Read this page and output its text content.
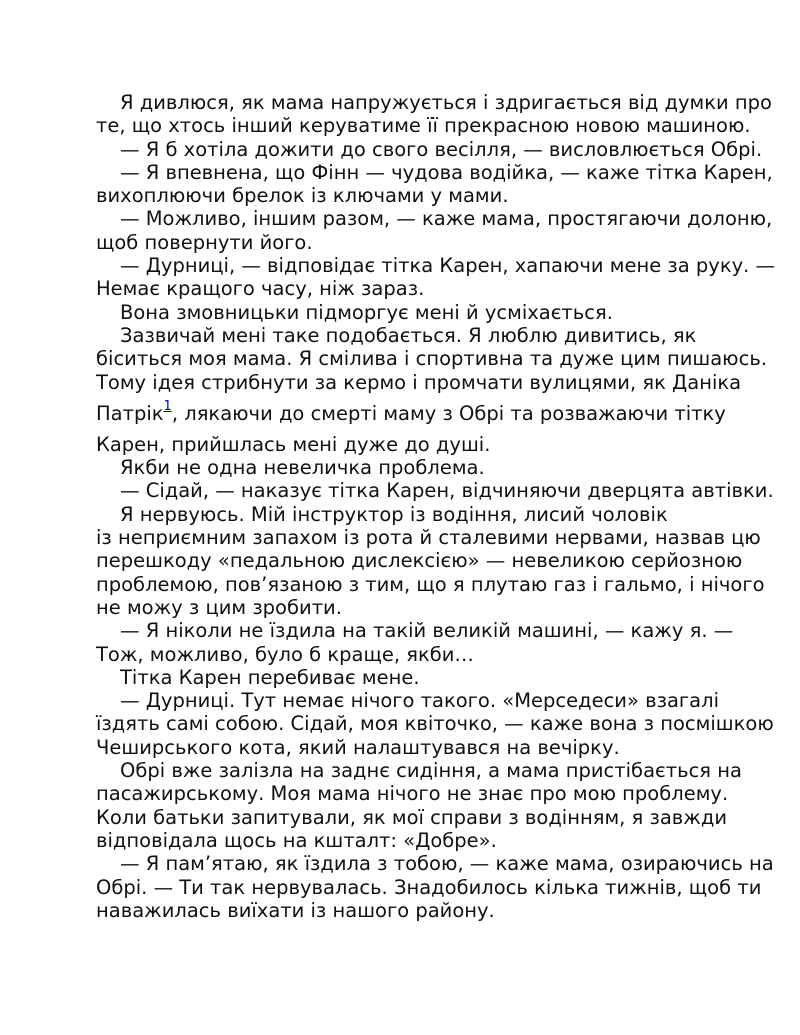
Я дивлюся, як мама напружується і здригається від думки про
те, що хтось інший керуватиме її прекрасною новою машиною.
— Я б хотіла дожити до свого весілля, — висловлюється Обрі.
— Я впевнена, що Фінн — чудова водійка, — каже тітка Карен,
вихоплюючи брелок із ключами у мами.
— Можливо, іншим разом, — каже мама, простягаючи долоню,
щоб повернути його.
— Дурниці, — відповідає тітка Карен, хапаючи мене за руку. —
Немає кращого часу, ніж зараз.
Вона змовницьки підморгує мені й усміхається.
Зазвичай мені таке подобається. Я люблю дивитись, як
біситься моя мама. Я смілива і спортивна та дуже цим пишаюсь.
Тому ідея стрибнути за кермо і промчати вулицями, як Даніка
Патрік$^1$, лякаючи до смерті маму з Обрі та розважаючи тітку
Карен, прийшлась мені дуже до душі.
Якби не одна невеличка проблема.
— Сідай, — наказує тітка Карен, відчиняючи дверцята автівки.
Я нервуюсь. Мій інструктор із водіння, лисий чоловік
із неприємним запахом із рота й сталевими нервами, назвав цю
перешкоду «педальною дислексією» — невеликою серйозною
проблемою, пов’язаною з тим, що я плутаю газ і гальмо, і нічого
не можу з цим зробити.
— Я ніколи не їздила на такій великій машині, — кажу я. —
Тож, можливо, було б краще, якби…
Тітка Карен перебиває мене.
— Дурниці. Тут немає нічого такого. «Мерседеси» взагалі
їздять самі собою. Сідай, моя квіточко, — каже вона з посмішкою
Чеширського кота, який налаштувався на вечірку.
Обрі вже залізла на заднє сидіння, а мама пристібається на
пасажирському. Моя мама нічого не знає про мою проблему.
Коли батьки запитували, як мої справи з водінням, я завжди
відповідала щось на кшталт: «Добре».
— Я пам’ятаю, як їздила з тобою, — каже мама, озираючись на
Обрі. — Ти так нервувалась. Знадобилось кілька тижнів, щоб ти
наважилась виїхати із нашого району.
